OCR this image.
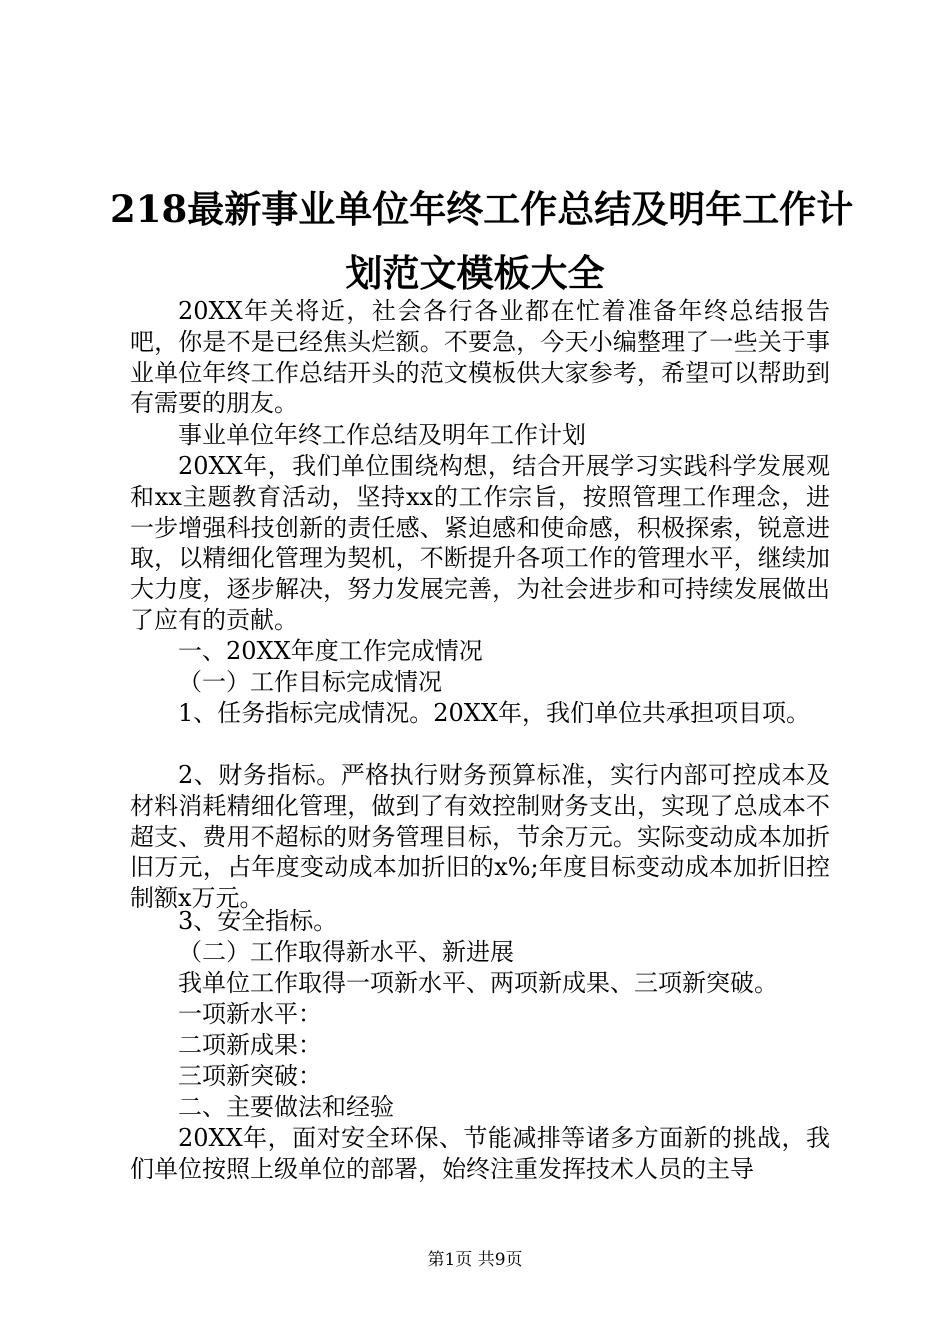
218最新事业单位年终工作总结及明年工作计
划范文模板大全

20XX年关将近，社会各行各业都在忙着准备年终总结报告吧，你是不是已经焦头烂额。不要急，今天小编整理了一些关于事业单位年终工作总结开头的范文模板供大家参考，希望可以帮助到有需要的朋友。

事业单位年终工作总结及明年工作计划

20XX年，我们单位围绕构想，结合开展学习实践科学发展观和xx主题教育活动，坚持xx的工作宗旨，按照管理工作理念，进一步增强科技创新的责任感、紧迫感和使命感，积极探索，锐意进取，以精细化管理为契机，不断提升各项工作的管理水平，继续加大力度，逐步解决，努力发展完善，为社会进步和可持续发展做出了应有的贡献。

一、20XX年度工作完成情况

（一）工作目标完成情况

1、任务指标完成情况。20XX年，我们单位共承担项目项。

2、财务指标。严格执行财务预算标准，实行内部可控成本及材料消耗精细化管理，做到了有效控制财务支出，实现了总成本不超支、费用不超标的财务管理目标，节余万元。实际变动成本加折旧万元，占年度变动成本加折旧的x%;年度目标变动成本加折旧控制额x万元。

3、安全指标。

（二）工作取得新水平、新进展

我单位工作取得一项新水平、两项新成果、三项新突破。

一项新水平：

二项新成果：

三项新突破：

二、主要做法和经验

20XX年，面对安全环保、节能减排等诸多方面新的挑战，我们单位按照上级单位的部署，始终注重发挥技术人员的主导

第1页 共9页
